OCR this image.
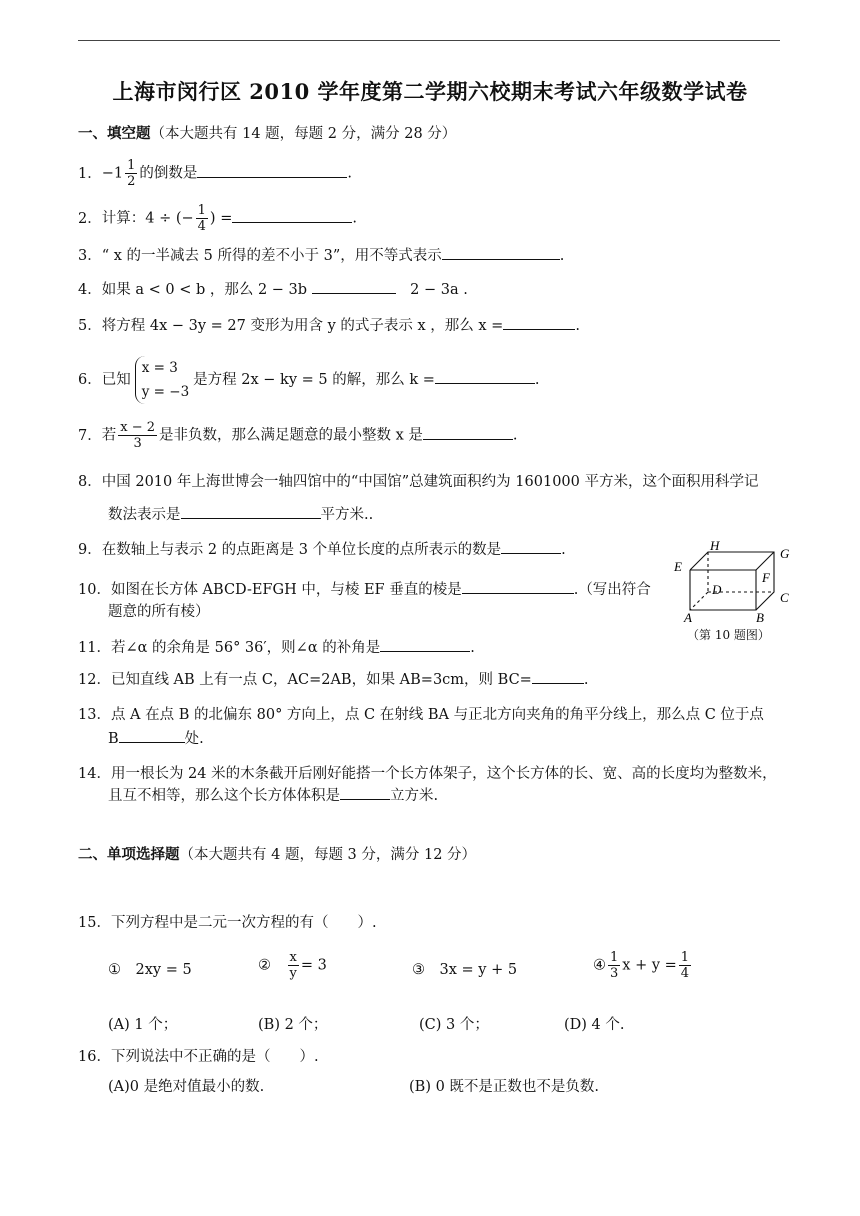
上海市闵行区 2010 学年度第二学期六校期末考试六年级数学试卷
一、填空题（本大题共有 14 题，每题 2 分，满分 28 分）
1．$-1 \frac{1}{2}$ 的倒数是	.
2．计算：4 ÷ (− $\frac{1}{4}$ ) =	.
3．“ x 的一半减去 5 所得的差不小于 3”，用不等式表示	.
4．如果 a < 0 < b ，那么 2 − 3b 　	2 − 3a .
5．将方程 4x − 3y = 27 变形为用含 y 的式子表示 x ，那么 x =	.
6．已知
x = 3
y = −3
是方程 2x − ky = 5 的解，那么 k =	.
7．若 $\frac{x - 2}{3}$ 是非负数，那么满足题意的最小整数 x 是	.
8．中国 2010 年上海世博会一轴四馆中的“中国馆”总建筑面积约为 1601000 平方米，这个面积用科学记
数法表示是	平方米..
9．在数轴上与表示 2 的点距离是 3 个单位长度的点所表示的数是	.
10．如图在长方体 ABCD-EFGH 中，与棱 EF 垂直的棱是	.（写出符合
题意的所有棱）
H
G
E
F
D
C
A	B
（第 10 题图）
11．若∠α 的余角是 56° 36′，则∠α 的补角是	.
12．已知直线 AB 上有一点 C，AC=2AB，如果 AB=3cm，则 BC=	.
13．点 A 在点 B 的北偏东 80° 方向上，点 C 在射线 BA 与正北方向夹角的角平分线上，那么点 C 位于点
B	处.
14．用一根长为 24 米的木条截开后刚好能搭一个长方体架子，这个长方体的长、宽、高的长度均为整数米，
且互不相等，那么这个长方体体积是	立方米.
二、单项选择题（本大题共有 4 题，每题 3 分，满分 12 分）
15．下列方程中是二元一次方程的有（　　）.
①　2xy = 5	②　 $\frac{x}{y} = 3$	③　3x = y + 5	④ $\frac{1}{3}$ $x + y = \frac{1}{4}$
(A) 1 个；	(B) 2 个；	(C) 3 个；	(D) 4 个.
16．下列说法中不正确的是（　　）.
(A)0 是绝对值最小的数.	(B) 0 既不是正数也不是负数.
